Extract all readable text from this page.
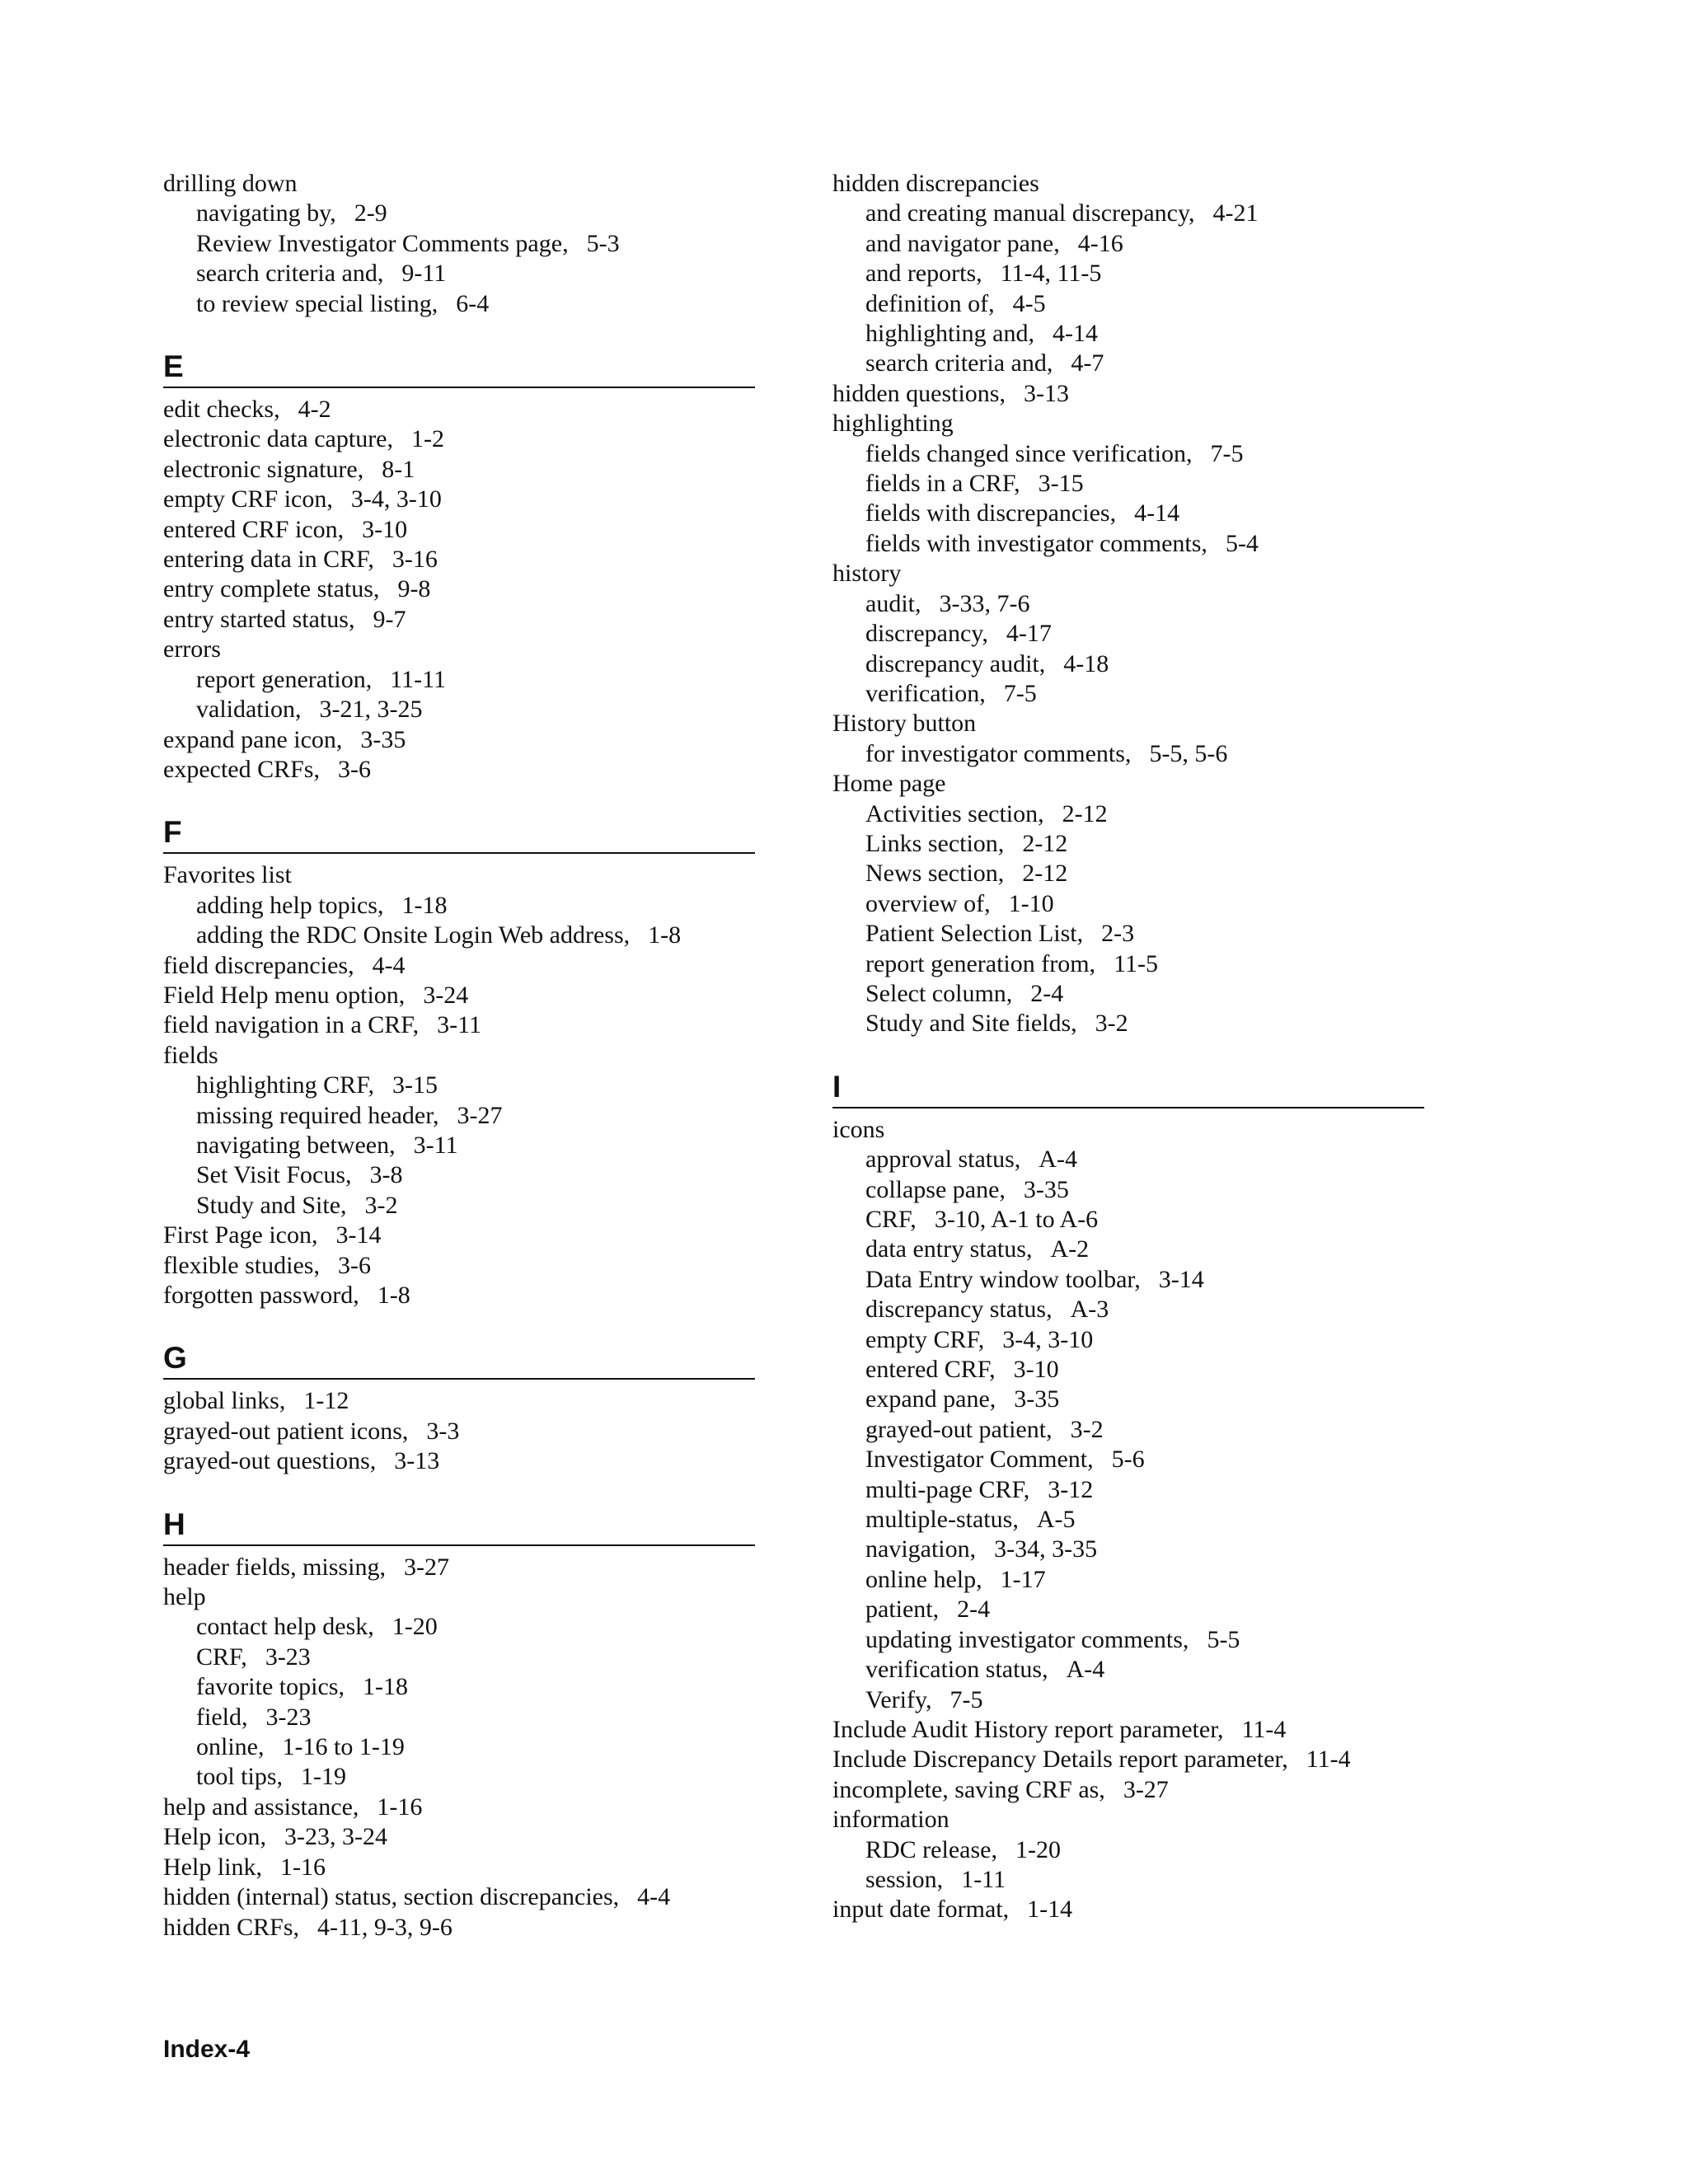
drilling down
navigating by, 2-9
Review Investigator Comments page, 5-3
search criteria and, 9-11
to review special listing, 6-4
E
edit checks, 4-2
electronic data capture, 1-2
electronic signature, 8-1
empty CRF icon, 3-4, 3-10
entered CRF icon, 3-10
entering data in CRF, 3-16
entry complete status, 9-8
entry started status, 9-7
errors
report generation, 11-11
validation, 3-21, 3-25
expand pane icon, 3-35
expected CRFs, 3-6
F
Favorites list
adding help topics, 1-18
adding the RDC Onsite Login Web address, 1-8
field discrepancies, 4-4
Field Help menu option, 3-24
field navigation in a CRF, 3-11
fields
highlighting CRF, 3-15
missing required header, 3-27
navigating between, 3-11
Set Visit Focus, 3-8
Study and Site, 3-2
First Page icon, 3-14
flexible studies, 3-6
forgotten password, 1-8
G
global links, 1-12
grayed-out patient icons, 3-3
grayed-out questions, 3-13
H
header fields, missing, 3-27
help
contact help desk, 1-20
CRF, 3-23
favorite topics, 1-18
field, 3-23
online, 1-16 to 1-19
tool tips, 1-19
help and assistance, 1-16
Help icon, 3-23, 3-24
Help link, 1-16
hidden (internal) status, section discrepancies, 4-4
hidden CRFs, 4-11, 9-3, 9-6
hidden discrepancies
and creating manual discrepancy, 4-21
and navigator pane, 4-16
and reports, 11-4, 11-5
definition of, 4-5
highlighting and, 4-14
search criteria and, 4-7
hidden questions, 3-13
highlighting
fields changed since verification, 7-5
fields in a CRF, 3-15
fields with discrepancies, 4-14
fields with investigator comments, 5-4
history
audit, 3-33, 7-6
discrepancy, 4-17
discrepancy audit, 4-18
verification, 7-5
History button
for investigator comments, 5-5, 5-6
Home page
Activities section, 2-12
Links section, 2-12
News section, 2-12
overview of, 1-10
Patient Selection List, 2-3
report generation from, 11-5
Select column, 2-4
Study and Site fields, 3-2
I
icons
approval status, A-4
collapse pane, 3-35
CRF, 3-10, A-1 to A-6
data entry status, A-2
Data Entry window toolbar, 3-14
discrepancy status, A-3
empty CRF, 3-4, 3-10
entered CRF, 3-10
expand pane, 3-35
grayed-out patient, 3-2
Investigator Comment, 5-6
multi-page CRF, 3-12
multiple-status, A-5
navigation, 3-34, 3-35
online help, 1-17
patient, 2-4
updating investigator comments, 5-5
verification status, A-4
Verify, 7-5
Include Audit History report parameter, 11-4
Include Discrepancy Details report parameter, 11-4
incomplete, saving CRF as, 3-27
information
RDC release, 1-20
session, 1-11
input date format, 1-14
Index-4
